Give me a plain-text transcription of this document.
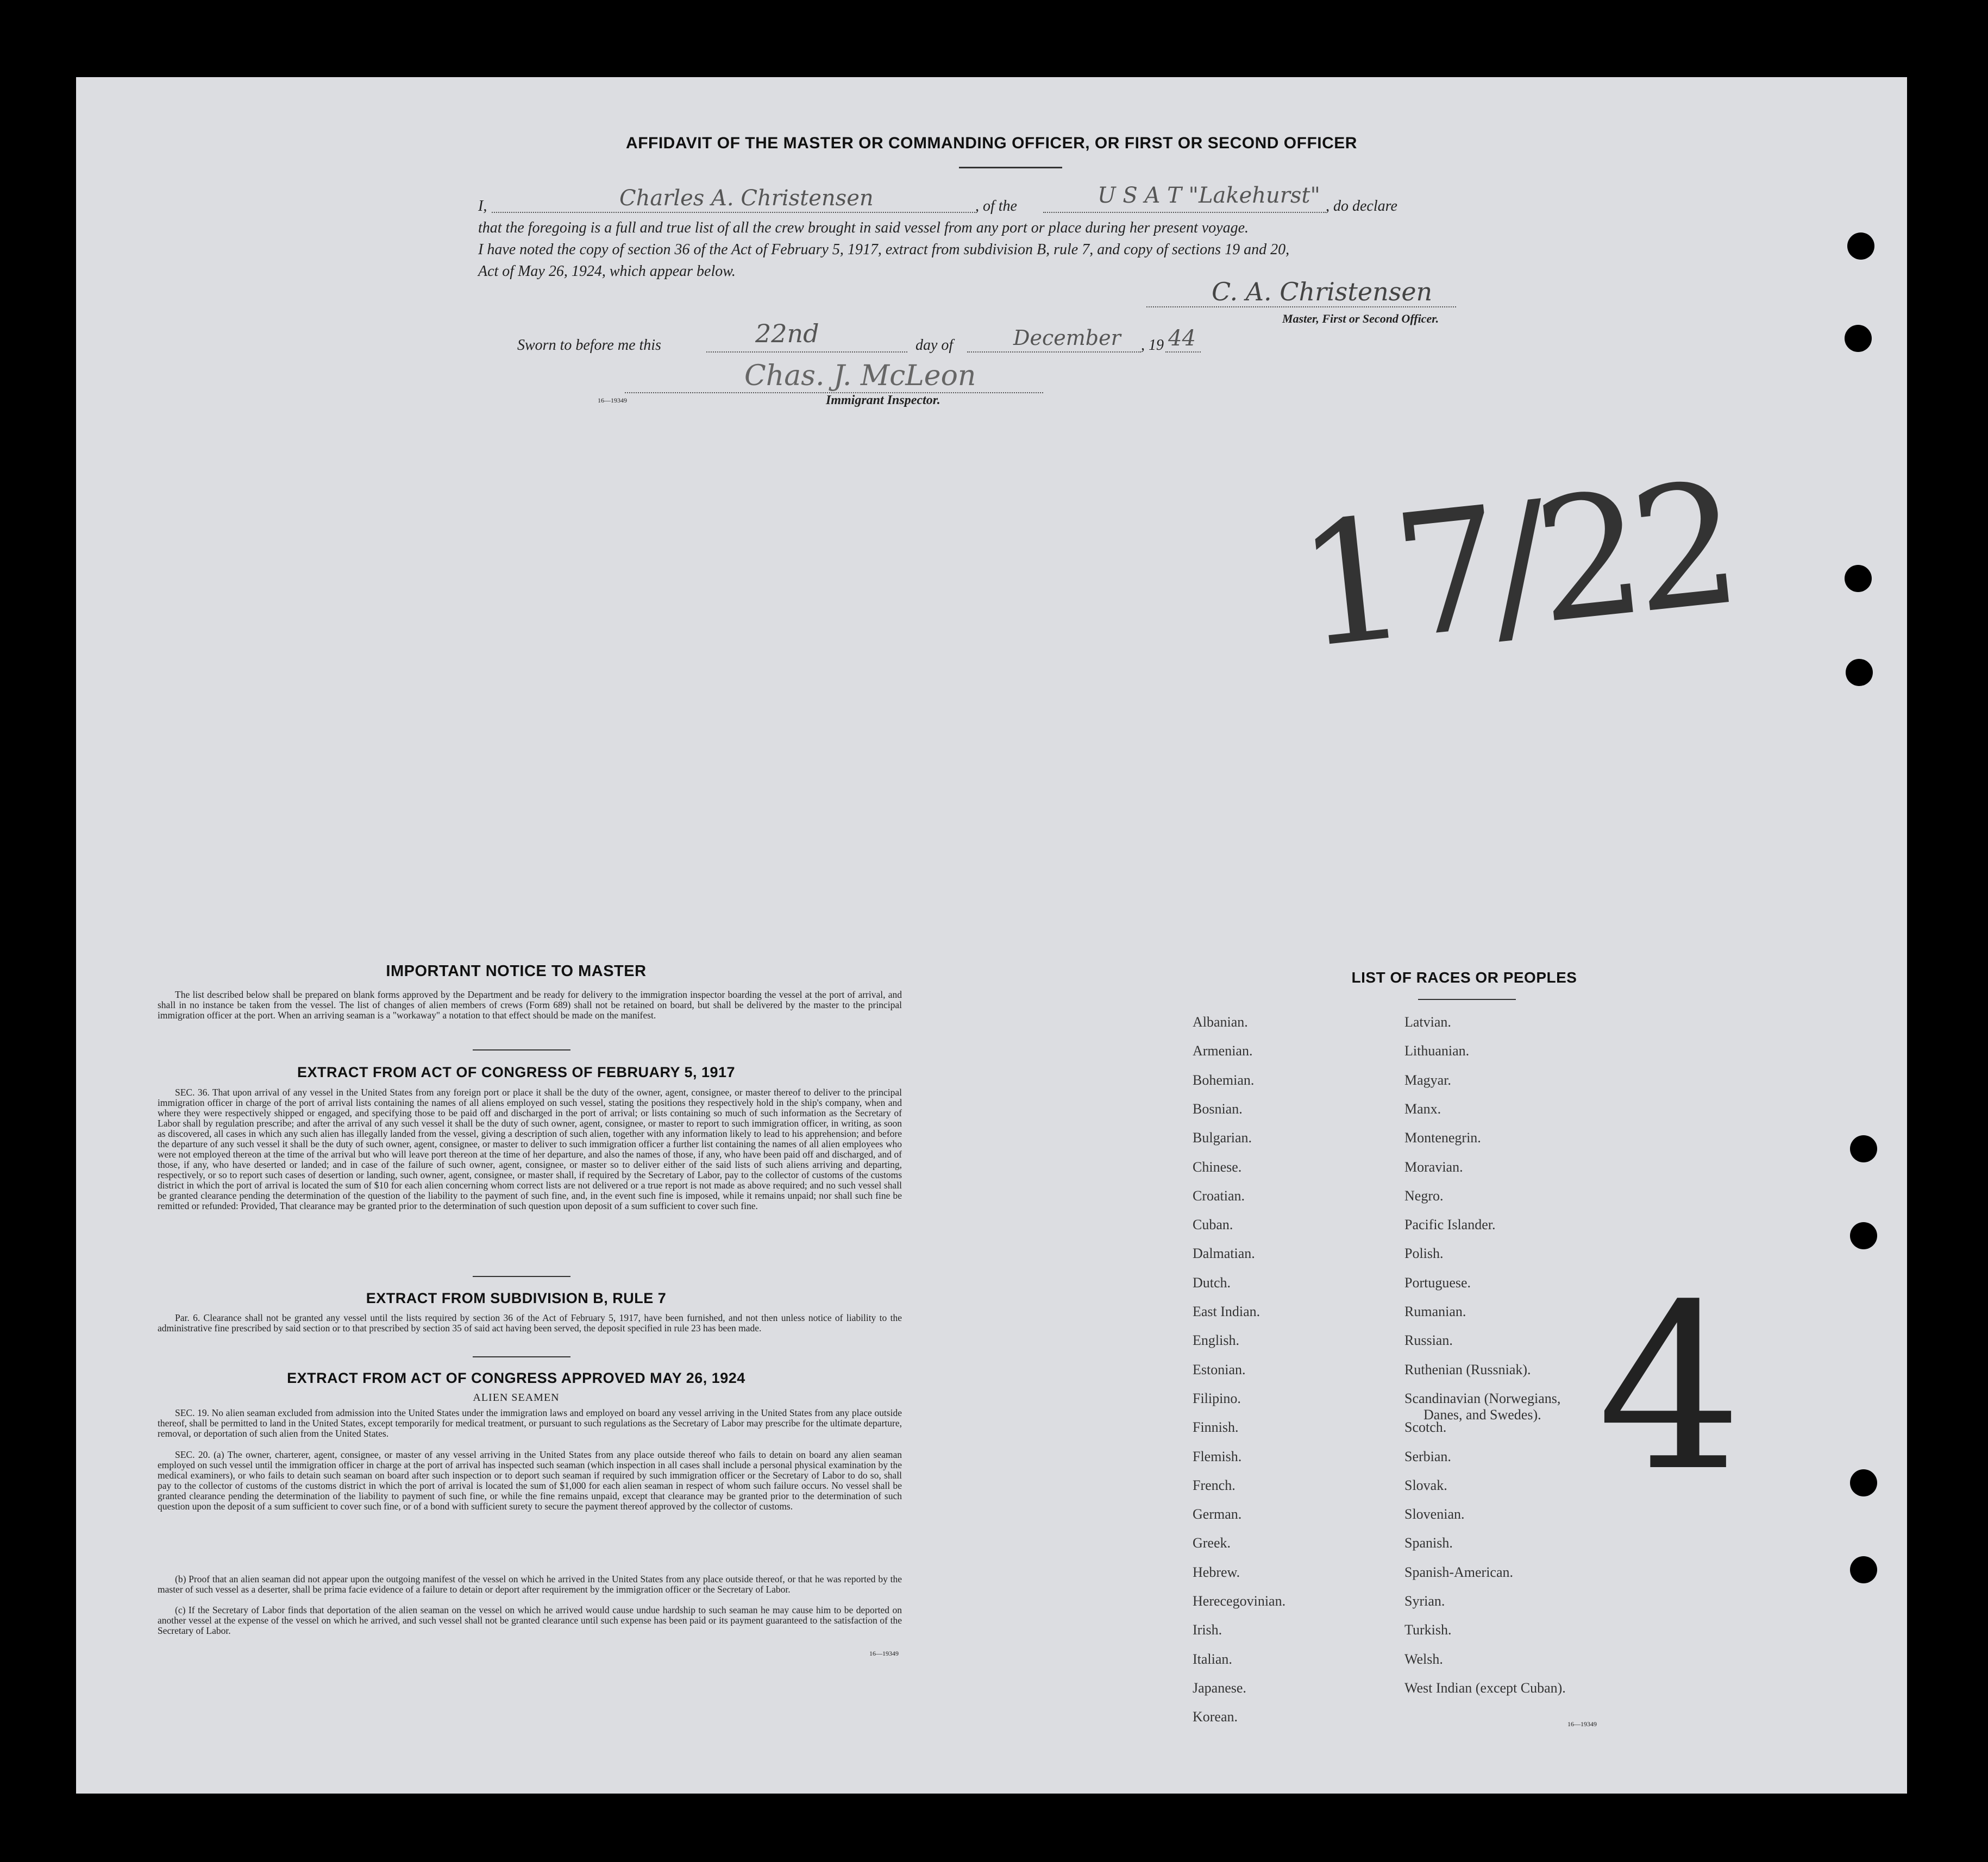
AFFIDAVIT OF THE MASTER OR COMMANDING OFFICER, OR FIRST OR SECOND OFFICER
I,	Charles A. Christensen	, of the	U S A T "Lakehurst" , do declare
that the foregoing is a full and true list of all the crew brought in said vessel from any port or place during her present voyage.
I have noted the copy of section 36 of the Act of February 5, 1917, extract from subdivision B, rule 7, and copy of sections 19 and 20,
Act of May 26, 1924, which appear below.
C. A. Christensen
Master, First or Second Officer.
Sworn to before me this	22nd	day of	December , 19 44
Chas. J. McLeon
16—19349	Immigrant Inspector.
17/22
4
IMPORTANT NOTICE TO MASTER
The list described below shall be prepared on blank forms approved by the Department and be ready for delivery to the immigration inspector boarding the vessel at the port of arrival, and shall in no instance be taken from the vessel. The list of changes of alien members of crews (Form 689) shall not be retained on board, but shall be delivered by the master to the principal immigration officer at the port. When an arriving seaman is a "workaway" a notation to that effect should be made on the manifest.
EXTRACT FROM ACT OF CONGRESS OF FEBRUARY 5, 1917
SEC. 36. That upon arrival of any vessel in the United States from any foreign port or place it shall be the duty of the owner, agent, consignee, or master thereof to deliver to the principal immigration officer in charge of the port of arrival lists containing the names of all aliens employed on such vessel, stating the positions they respectively hold in the ship's company, when and where they were respectively shipped or engaged, and specifying those to be paid off and discharged in the port of arrival; or lists containing so much of such information as the Secretary of Labor shall by regulation prescribe; and after the arrival of any such vessel it shall be the duty of such owner, agent, consignee, or master to report to such immigration officer, in writing, as soon as discovered, all cases in which any such alien has illegally landed from the vessel, giving a description of such alien, together with any information likely to lead to his apprehension; and before the departure of any such vessel it shall be the duty of such owner, agent, consignee, or master to deliver to such immigration officer a further list containing the names of all alien employees who were not employed thereon at the time of the arrival but who will leave port thereon at the time of her departure, and also the names of those, if any, who have been paid off and discharged, and of those, if any, who have deserted or landed; and in case of the failure of such owner, agent, consignee, or master so to deliver either of the said lists of such aliens arriving and departing, respectively, or so to report such cases of desertion or landing, such owner, agent, consignee, or master shall, if required by the Secretary of Labor, pay to the collector of customs of the customs district in which the port of arrival is located the sum of $10 for each alien concerning whom correct lists are not delivered or a true report is not made as above required; and no such vessel shall be granted clearance pending the determination of the question of the liability to the payment of such fine, and, in the event such fine is imposed, while it remains unpaid; nor shall such fine be remitted or refunded: Provided, That clearance may be granted prior to the determination of such question upon deposit of a sum sufficient to cover such fine.
EXTRACT FROM SUBDIVISION B, RULE 7
Par. 6. Clearance shall not be granted any vessel until the lists required by section 36 of the Act of February 5, 1917, have been furnished, and not then unless notice of liability to the administrative fine prescribed by said section or to that prescribed by section 35 of said act having been served, the deposit specified in rule 23 has been made.
EXTRACT FROM ACT OF CONGRESS APPROVED MAY 26, 1924
ALIEN SEAMEN
SEC. 19. No alien seaman excluded from admission into the United States under the immigration laws and employed on board any vessel arriving in the United States from any place outside thereof, shall be permitted to land in the United States, except temporarily for medical treatment, or pursuant to such regulations as the Secretary of Labor may prescribe for the ultimate departure, removal, or deportation of such alien from the United States.
SEC. 20. (a) The owner, charterer, agent, consignee, or master of any vessel arriving in the United States from any place outside thereof who fails to detain on board any alien seaman employed on such vessel until the immigration officer in charge at the port of arrival has inspected such seaman (which inspection in all cases shall include a personal physical examination by the medical examiners), or who fails to detain such seaman on board after such inspection or to deport such seaman if required by such immigration officer or the Secretary of Labor to do so, shall pay to the collector of customs of the customs district in which the port of arrival is located the sum of $1,000 for each alien seaman in respect of whom such failure occurs. No vessel shall be granted clearance pending the determination of the liability to payment of such fine, or while the fine remains unpaid, except that clearance may be granted prior to the determination of such question upon the deposit of a sum sufficient to cover such fine, or of a bond with sufficient surety to secure the payment thereof approved by the collector of customs.
(b) Proof that an alien seaman did not appear upon the outgoing manifest of the vessel on which he arrived in the United States from any place outside thereof, or that he was reported by the master of such vessel as a deserter, shall be prima facie evidence of a failure to detain or deport after requirement by the immigration officer or the Secretary of Labor.
(c) If the Secretary of Labor finds that deportation of the alien seaman on the vessel on which he arrived would cause undue hardship to such seaman he may cause him to be deported on another vessel at the expense of the vessel on which he arrived, and such vessel shall not be granted clearance until such expense has been paid or its payment guaranteed to the satisfaction of the Secretary of Labor.
16—19349
LIST OF RACES OR PEOPLES
Albanian.
Armenian.
Bohemian.
Bosnian.
Bulgarian.
Chinese.
Croatian.
Cuban.
Dalmatian.
Dutch.
East Indian.
English.
Estonian.
Filipino.
Finnish.
Flemish.
French.
German.
Greek.
Hebrew.
Herecegovinian.
Irish.
Italian.
Japanese.
Korean.
Latvian.
Lithuanian.
Magyar.
Manx.
Montenegrin.
Moravian.
Negro.
Pacific Islander.
Polish.
Portuguese.
Rumanian.
Russian.
Ruthenian (Russniak).
Scandinavian (Norwegians,
Danes, and Swedes).
Scotch.
Serbian.
Slovak.
Slovenian.
Spanish.
Spanish-American.
Syrian.
Turkish.
Welsh.
West Indian (except Cuban).
16—19349
